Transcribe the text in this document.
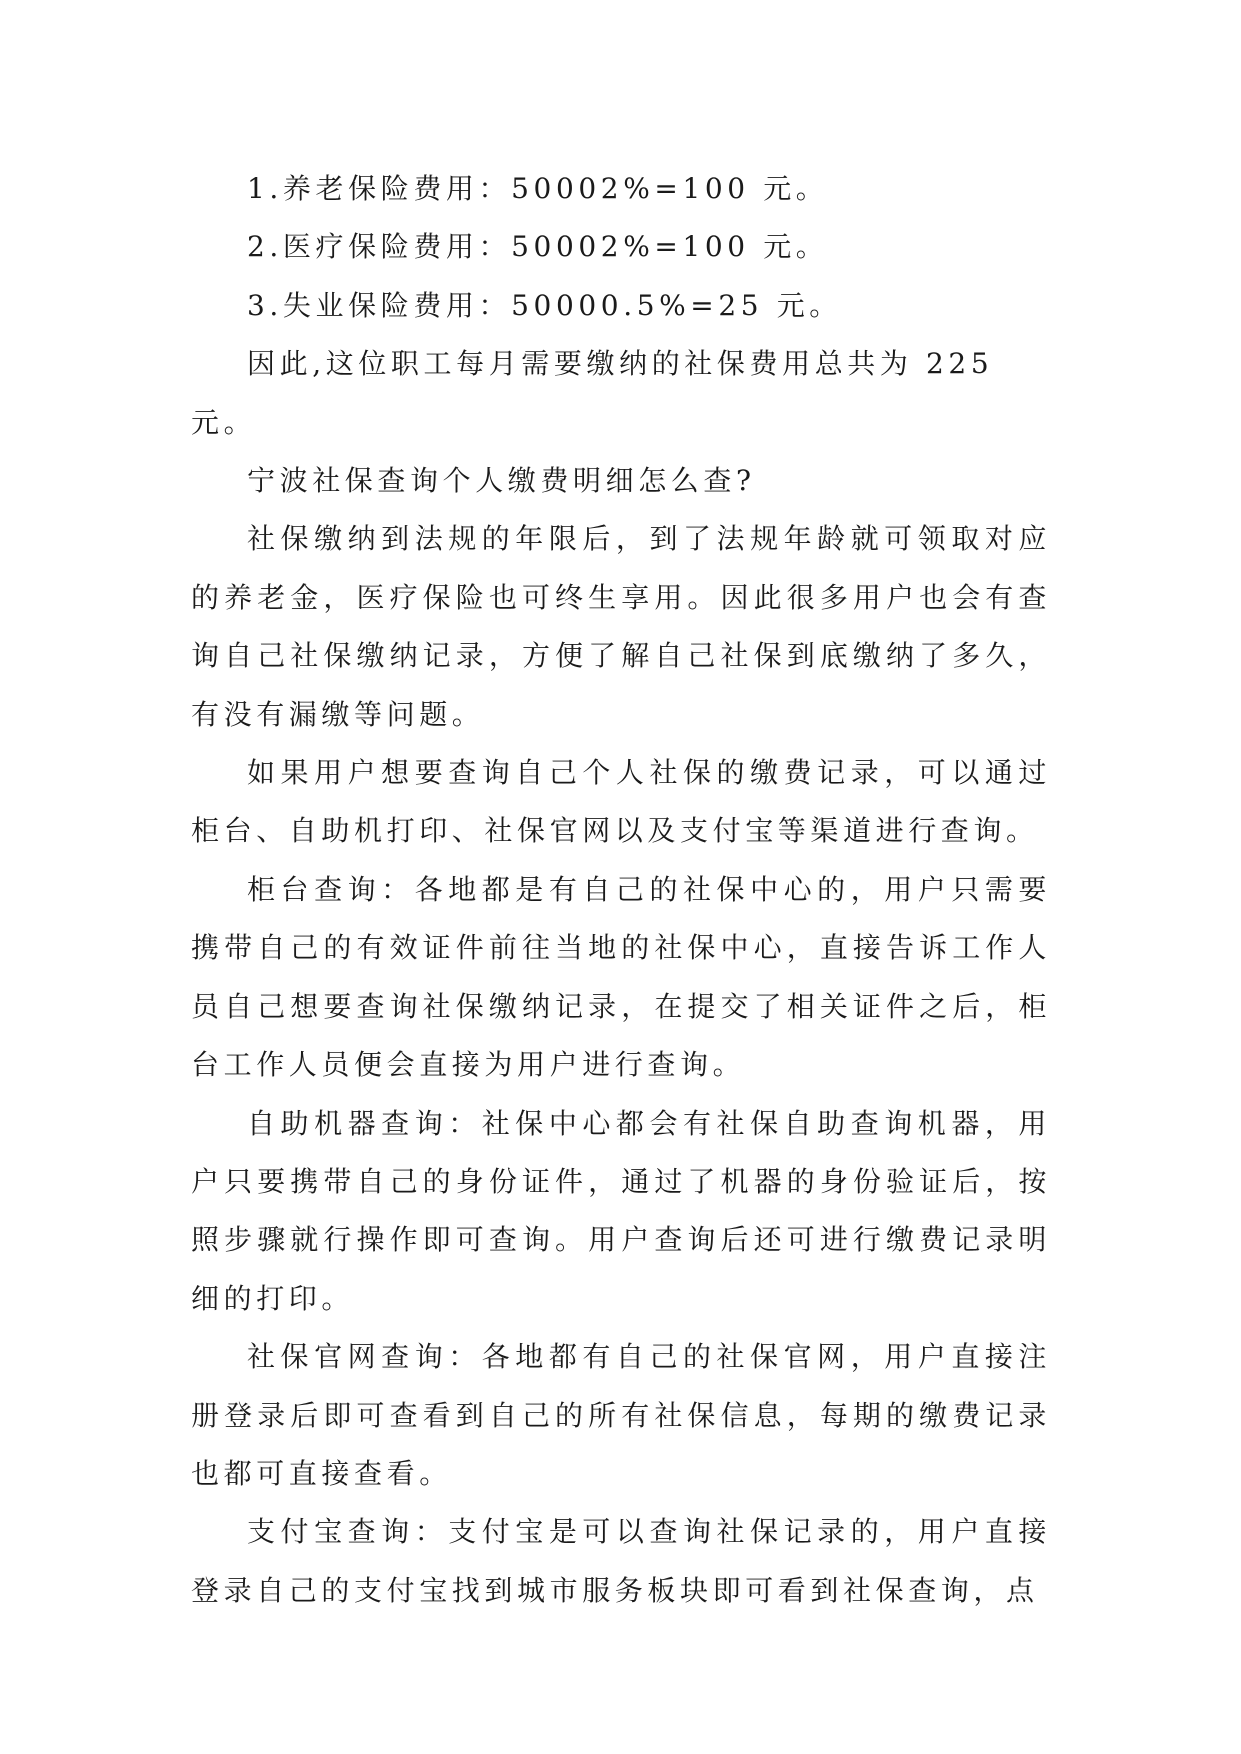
1.养老保险费用：50002%=100 元。

2.医疗保险费用：50002%=100 元。

3.失业保险费用：50000.5%=25 元。

因此,这位职工每月需要缴纳的社保费用总共为 225 元。

宁波社保查询个人缴费明细怎么查?

社保缴纳到法规的年限后，到了法规年龄就可领取对应的养老金，医疗保险也可终生享用。因此很多用户也会有查询自己社保缴纳记录，方便了解自己社保到底缴纳了多久，有没有漏缴等问题。

如果用户想要查询自己个人社保的缴费记录，可以通过柜台、自助机打印、社保官网以及支付宝等渠道进行查询。

柜台查询：各地都是有自己的社保中心的，用户只需要携带自己的有效证件前往当地的社保中心，直接告诉工作人员自己想要查询社保缴纳记录，在提交了相关证件之后，柜台工作人员便会直接为用户进行查询。

自助机器查询：社保中心都会有社保自助查询机器，用户只要携带自己的身份证件，通过了机器的身份验证后，按照步骤就行操作即可查询。用户查询后还可进行缴费记录明细的打印。

社保官网查询：各地都有自己的社保官网，用户直接注册登录后即可查看到自己的所有社保信息，每期的缴费记录也都可直接查看。

支付宝查询：支付宝是可以查询社保记录的，用户直接登录自己的支付宝找到城市服务板块即可看到社保查询，点
